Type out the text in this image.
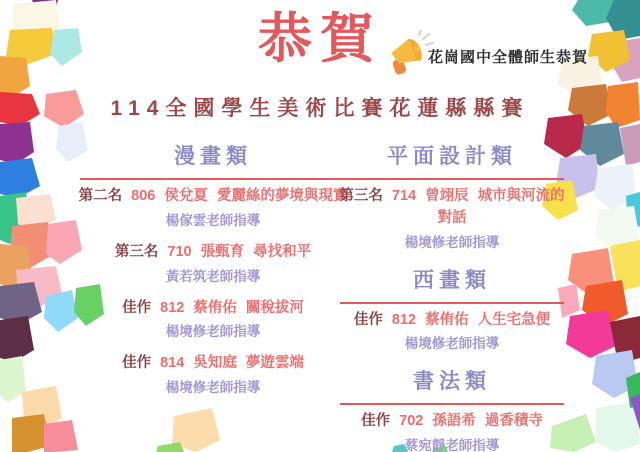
恭賀	花崗國中全體師生恭賀
114全國學生美術比賽花蓮縣縣賽
漫畫類
第二名 806 侯兌夏 愛麗絲的夢境與現實
楊傢雲老師指導
第三名 710 張甄育 尋找和平
黃若筑老師指導
佳作 812 蔡侑佑 關稅拔河
楊境修老師指導
佳作 814 吳知庭 夢遊雲端
楊境修老師指導
平面設計類
第三名 714 曾翊辰 城市與河流的對話
楊境修老師指導
西畫類
佳作 812 蔡侑佑 人生宅急便
楊境修老師指導
書法類
佳作 702 孫語希 過香積寺
蔡宛靜老師指導
